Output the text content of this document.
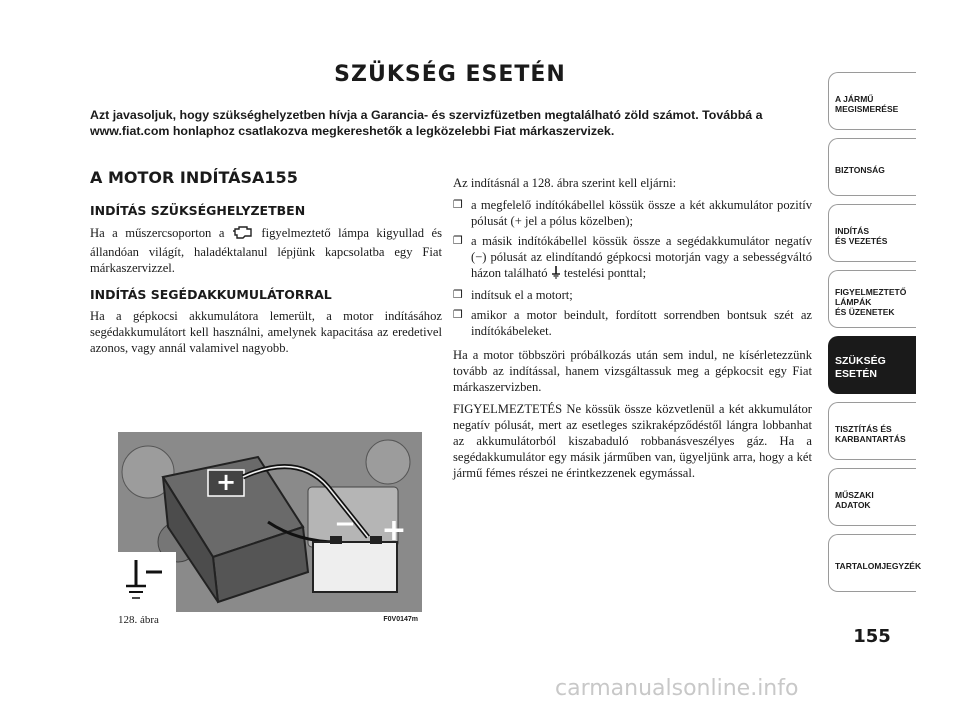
SZÜKSÉG ESETÉN
Azt javasoljuk, hogy szükséghelyzetben hívja a Garancia- és szervizfüzetben megtalálható zöld számot. Továbbá a www.fiat.com honlaphoz csatlakozva megkereshetők a legközelebbi Fiat márkaszervizek.
A MOTOR INDÍTÁSA155
INDÍTÁS SZÜKSÉGHELYZETBEN
Ha a műszercsoporton a  figyelmeztető lámpa kigyullad és állandóan világít, haladéktalanul lépjünk kapcsolatba egy Fiat márkaszervizzel.
INDÍTÁS SEGÉDAKKUMULÁTORRAL
Ha a gépkocsi akkumulátora lemerült, a motor indításához segédakkumulátort kell használni, amelynek kapacitása az eredetivel azonos, vagy annál valamivel nagyobb.
Az indításnál a 128. ábra szerint kell eljárni:
❒ a megfelelő indítókábellel kössük össze a két akkumulátor pozitív pólusát (+ jel a pólus közelben);
❒ a másik indítókábellel kössük össze a segédakkumulátor negatív (−) pólusát az elindítandó gépkocsi motorján vagy a sebességváltó házon található  testelési ponttal;
❒ indítsuk el a motort;
❒ amikor a motor beindult, fordított sorrendben bontsuk szét az indítókábeleket.
Ha a motor többszöri próbálkozás után sem indul, ne kísérletezzünk tovább az indítással, hanem vizsgáltassuk meg a gépkocsit egy Fiat márkaszervizben.
FIGYELMEZTETÉS Ne kössük össze közvetlenül a két akkumulátor negatív pólusát, mert az esetleges szikraképződéstől lángra lobbanhat az akkumulátorból kiszabaduló robbanásveszélyes gáz. Ha a segédakkumulátor egy másik járműben van, ügyeljünk arra, hogy a két jármű fémes részei ne érintkezzenek egymással.
+
− +
128. ábra	F0V0147m
A JÁRMŰ
MEGISMERÉSE
BIZTONSÁG
INDÍTÁS
ÉS VEZETÉS
FIGYELMEZTETŐ
LÁMPÁK
ÉS ÜZENETEK
SZÜKSÉG
ESETÉN
TISZTÍTÁS ÉS
KARBANTARTÁS
MŰSZAKI
ADATOK
TARTALOMJEGYZÉK
155
carmanualsonline.info
